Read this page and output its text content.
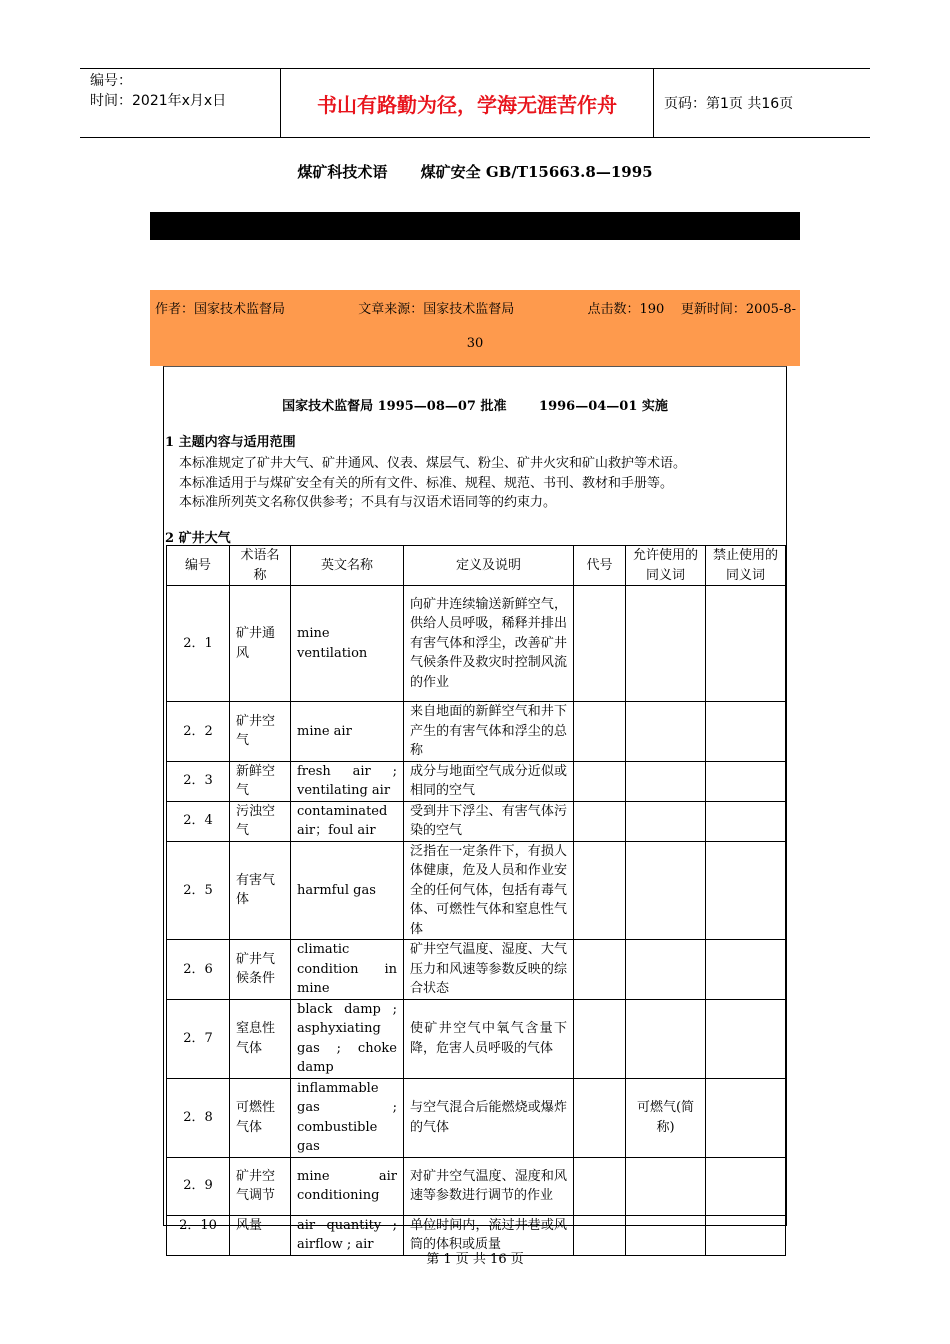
编号：
时间：2021年x月x日	书山有路勤为径，学海无涯苦作舟	页码：第1页 共16页
煤矿科技术语 煤矿安全 GB/T15663.8—1995
作者：国家技术监督局	文章来源：国家技术监督局	点击数：190 更新时间：2005-8-
30
国家技术监督局 1995—08—07 批准	1996—04—01 实施
1 主题内容与适用范围
本标准规定了矿井大气、矿井通风、仪表、煤层气、粉尘、矿井火灾和矿山救护等术语。
本标准适用于与煤矿安全有关的所有文件、标准、规程、规范、书刊、教材和手册等。
本标准所列英文名称仅供参考；不具有与汉语术语同等的约束力。
2 矿井大气
编号	术语名称	英文名称	定义及说明	代号	允许使用的同义词	禁止使用的同义词
2．1	矿井通风	mine ventilation	向矿井连续输送新鲜空气，供给人员呼吸，稀释并排出有害气体和浮尘，改善矿井气候条件及救灾时控制风流的作业			
2．2	矿井空气	mine air	来自地面的新鲜空气和井下产生的有害气体和浮尘的总称			
2．3	新鲜空气	fresh air ; ventilating air	成分与地面空气成分近似或相同的空气			
2．4	污浊空气	contaminated air；foul air	受到井下浮尘、有害气体污染的空气			
2．5	有害气体	harmful gas	泛指在一定条件下，有损人体健康，危及人员和作业安全的任何气体，包括有毒气体、可燃性气体和窒息性气体			
2．6	矿井气候条件	climatic condition in mine	矿井空气温度、湿度、大气压力和风速等参数反映的综合状态			
2．7	窒息性气体	black damp ; asphyxiating gas ; choke damp	使矿井空气中氧气含量下降，危害人员呼吸的气体			
2．8	可燃性气体	inflammable gas ; combustible gas	与空气混合后能燃烧或爆炸的气体		可燃气(简称)	
2．9	矿井空气调节	mine air conditioning	对矿井空气温度、湿度和风速等参数进行调节的作业			
2．10	风量	air quantity ; airflow ; air	单位时间内，流过井巷或风筒的体积或质量			
第 1 页 共 16 页
